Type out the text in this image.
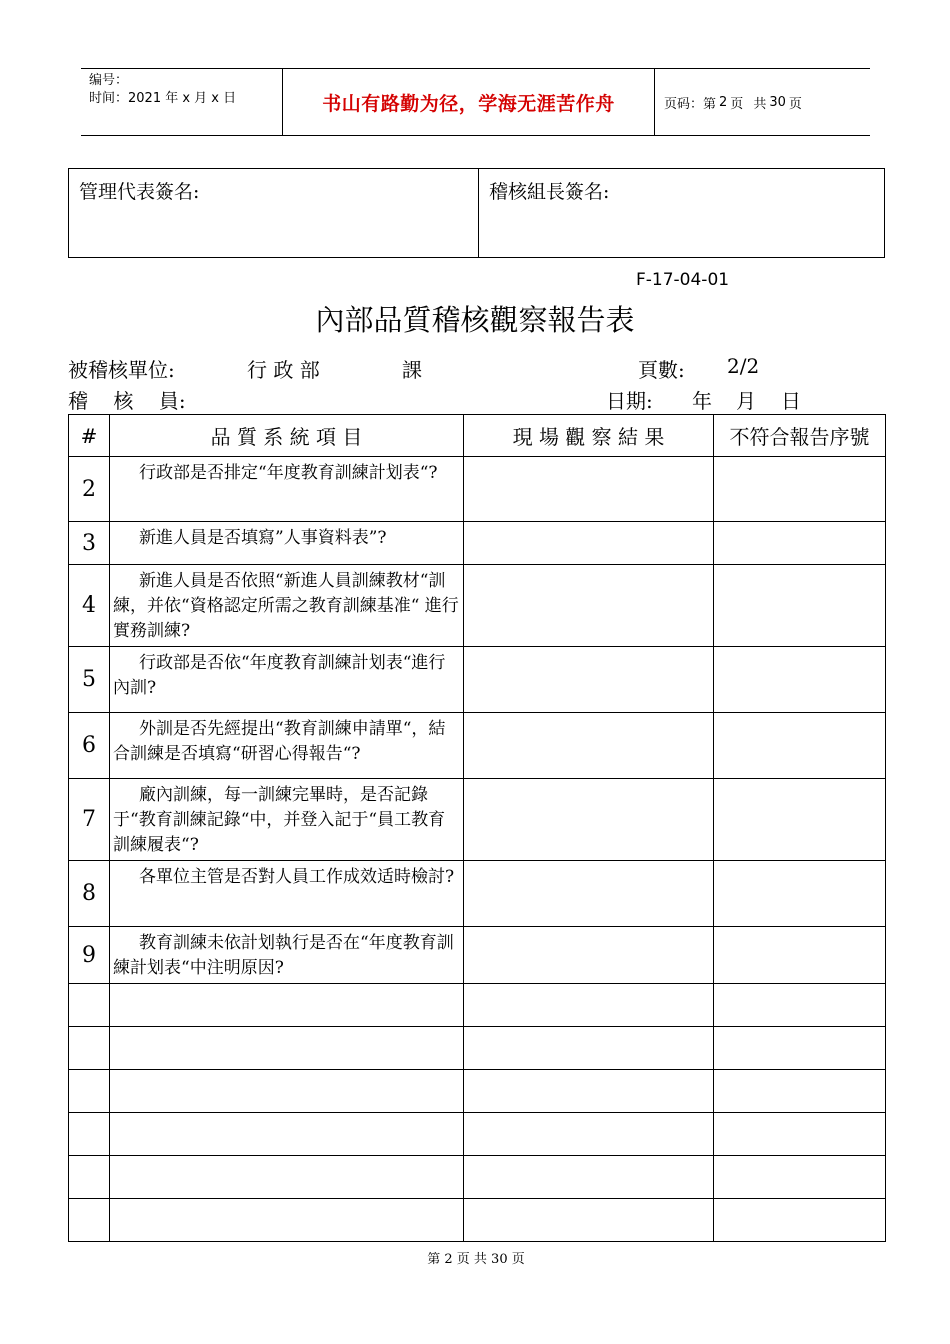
编号：
时间：2021 年 x 月 x 日	书山有路勤为径，学海无涯苦作舟	页码：第 2 页 共 30 页
管理代表簽名:	稽核組長簽名:
F-17-04-01
內部品質稽核觀察報告表
被稽核單位:	行 政 部	課	頁數: 2/2
稽    核    員:	日期: 年 月 日
#	品 質 系 統 項 目	現 場 觀 察 結 果	不符合報告序號
2	行政部是否排定“年度教育訓練計划表“?		
3	新進人員是否填寫”人事資料表”?		
4	新進人員是否依照“新進人員訓練教材“訓練，并依“資格認定所需之教育訓練基准“ 進行實務訓練?		
5	行政部是否依“年度教育訓練計划表“進行內訓?		
6	外訓是否先經提出“教育訓練申請單“，結合訓練是否填寫“研習心得報告“?		
7	廠內訓練，每一訓練完畢時，是否記錄于“教育訓練記錄“中，并登入記于“員工教育訓練履表“?		
8	各單位主管是否對人員工作成效适時檢討?		
9	教育訓練未依計划執行是否在“年度教育訓練計划表“中注明原因?		

第 2 页 共 30 页
